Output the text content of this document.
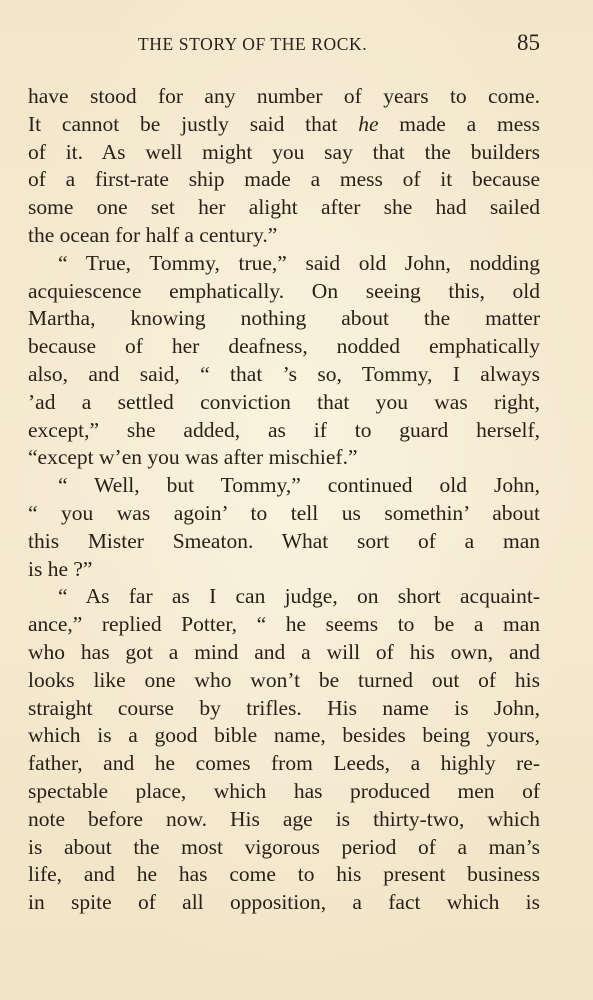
THE STORY OF THE ROCK.	85
have stood for any number of years to come.
It cannot be justly said that he made a mess
of it. As well might you say that the builders
of a first-rate ship made a mess of it because
some one set her alight after she had sailed
the ocean for half a century.”
“ True, Tommy, true,” said old John, nodding
acquiescence emphatically. On seeing this, old
Martha, knowing nothing about the matter
because of her deafness, nodded emphatically
also, and said, “ that ’s so, Tommy, I always
’ad a settled conviction that you was right,
except,” she added, as if to guard herself,
“except w’en you was after mischief.”
“ Well, but Tommy,” continued old John,
“ you was agoin’ to tell us somethin’ about
this Mister Smeaton. What sort of a man
is he ?”
“ As far as I can judge, on short acquaint-
ance,” replied Potter, “ he seems to be a man
who has got a mind and a will of his own, and
looks like one who won’t be turned out of his
straight course by trifles. His name is John,
which is a good bible name, besides being yours,
father, and he comes from Leeds, a highly re-
spectable place, which has produced men of
note before now. His age is thirty-two, which
is about the most vigorous period of a man’s
life, and he has come to his present business
in spite of all opposition, a fact which is
